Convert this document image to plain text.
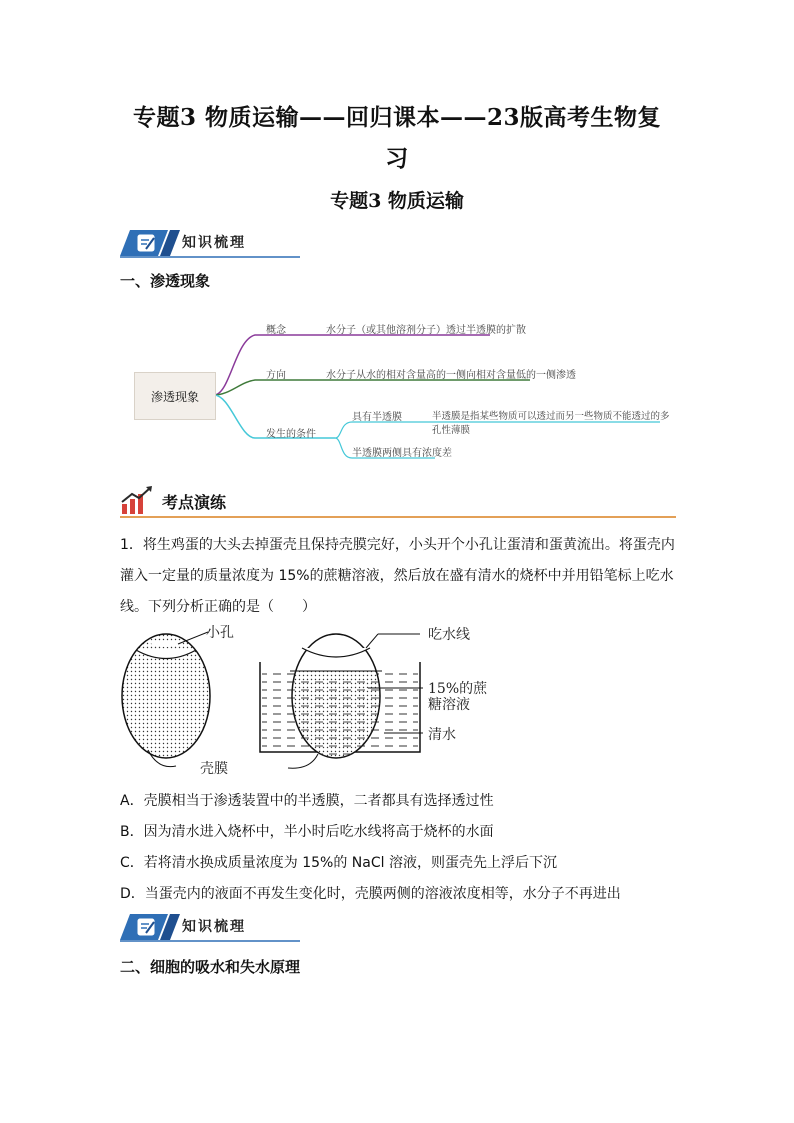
专题3 物质运输——回归课本——23版高考生物复
习
专题3 物质运输
知识梳理
一、渗透现象
渗透现象
概念	水分子（或其他溶剂分子）透过半透膜的扩散
方向	水分子从水的相对含量高的一侧向相对含量低的一侧渗透
发生的条件
具有半透膜	半透膜是指某些物质可以透过而另一些物质不能透过的多孔性薄膜
半透膜两侧具有浓度差
考点演练
1．将生鸡蛋的大头去掉蛋壳且保持壳膜完好，小头开个小孔让蛋清和蛋黄流出。将蛋壳内
灌入一定量的质量浓度为 15%的蔗糖溶液，然后放在盛有清水的烧杯中并用铅笔标上吃水
线。下列分析正确的是（　　）
小孔	吃水线
15%的蔗
糖溶液
清水
壳膜
A．壳膜相当于渗透装置中的半透膜，二者都具有选择透过性
B．因为清水进入烧杯中，半小时后吃水线将高于烧杯的水面
C．若将清水换成质量浓度为 15%的 NaCl 溶液，则蛋壳先上浮后下沉
D．当蛋壳内的液面不再发生变化时，壳膜两侧的溶液浓度相等，水分子不再进出
知识梳理
二、细胞的吸水和失水原理
